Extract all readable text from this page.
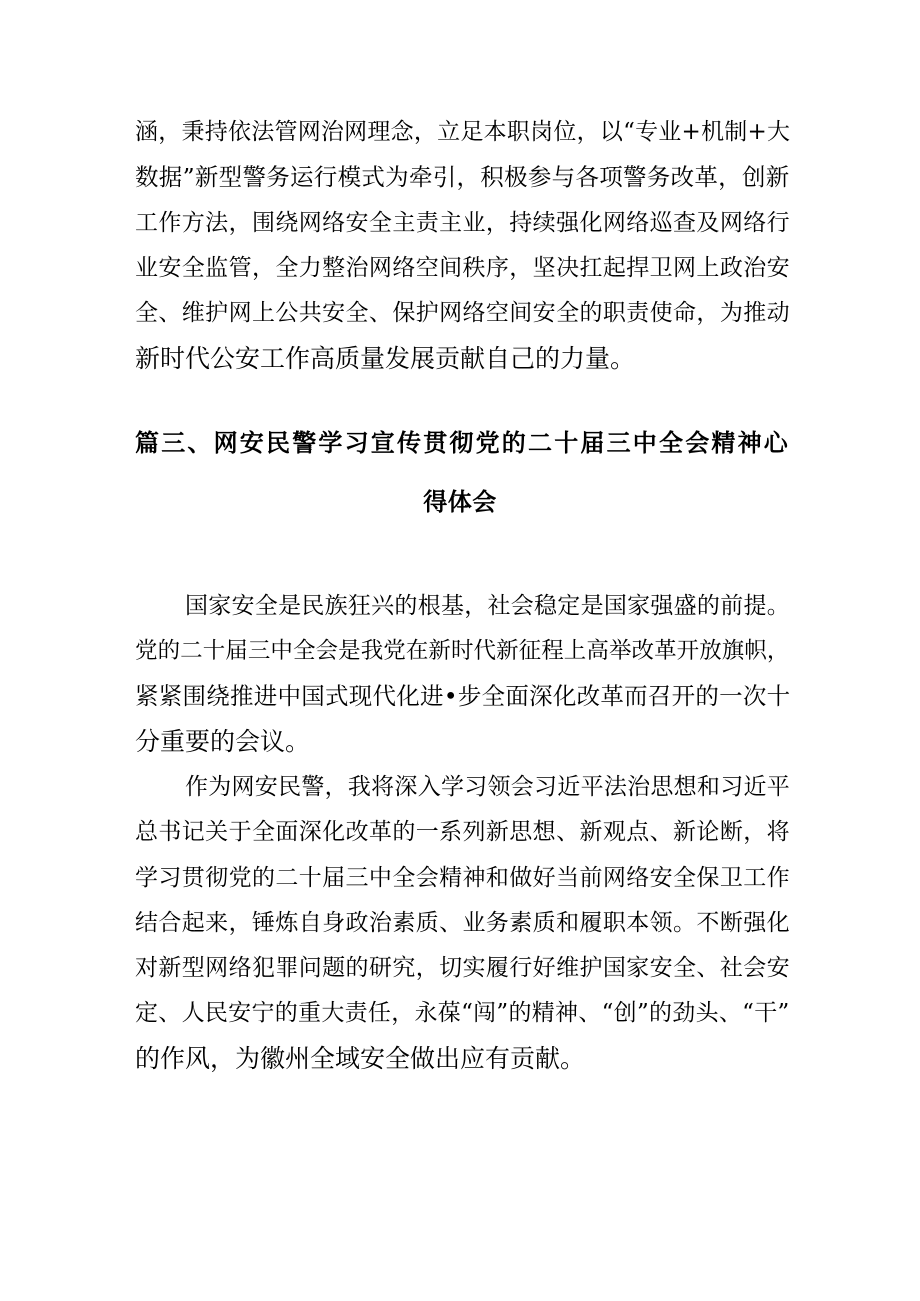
涵，秉持依法管网治网理念，立足本职岗位，以“专业+机制+大
数据”新型警务运行模式为牵引，积极参与各项警务改革，创新
工作方法，围绕网络安全主责主业，持续强化网络巡查及网络行
业安全监管，全力整治网络空间秩序，坚决扛起捍卫网上政治安
全、维护网上公共安全、保护网络空间安全的职责使命，为推动
新时代公安工作高质量发展贡献自己的力量。
篇三、网安民警学习宣传贯彻党的二十届三中全会精神心
得体会
国家安全是民族狂兴的根基，社会稳定是国家强盛的前提。
党的二十届三中全会是我党在新时代新征程上高举改革开放旗帜，
紧紧围绕推进中国式现代化进•步全面深化改革而召开的一次十
分重要的会议。
作为网安民警，我将深入学习领会习近平法治思想和习近平
总书记关于全面深化改革的一系列新思想、新观点、新论断，将
学习贯彻党的二十届三中全会精神和做好当前网络安全保卫工作
结合起来，锤炼自身政治素质、业务素质和履职本领。不断强化
对新型网络犯罪问题的研究，切实履行好维护国家安全、社会安
定、人民安宁的重大责任，永葆“闯”的精神、“创”的劲头、“干”
的作风，为徽州全域安全做出应有贡献。
